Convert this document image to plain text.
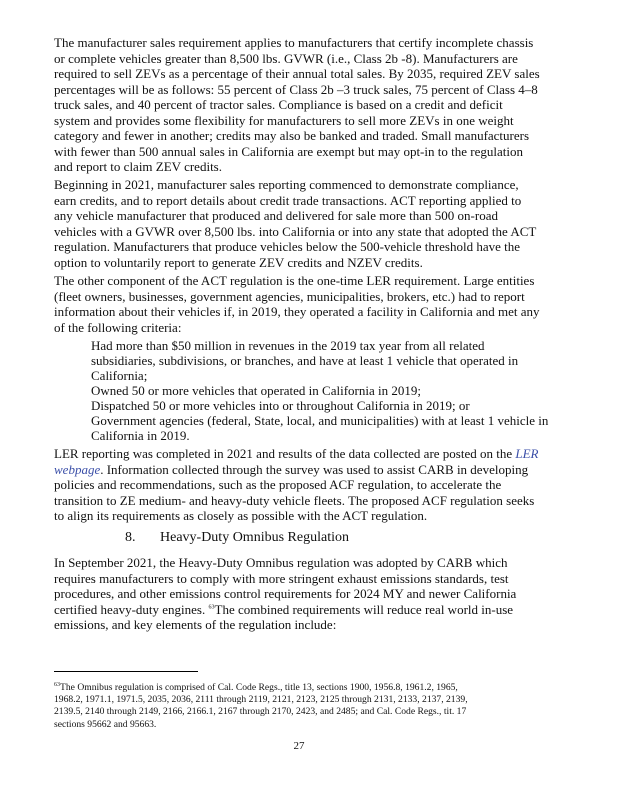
The manufacturer sales requirement applies to manufacturers that certify incomplete chassis
or complete vehicles greater than 8,500 lbs. GVWR (i.e., Class 2b -8). Manufacturers are
required to sell ZEVs as a percentage of their annual total sales. By 2035, required ZEV sales
percentages will be as follows: 55 percent of Class 2b –3 truck sales, 75 percent of Class 4–8
truck sales, and 40 percent of tractor sales. Compliance is based on a credit and deficit
system and provides some flexibility for manufacturers to sell more ZEVs in one weight
category and fewer in another; credits may also be banked and traded. Small manufacturers
with fewer than 500 annual sales in California are exempt but may opt-in to the regulation
and report to claim ZEV credits.
Beginning in 2021, manufacturer sales reporting commenced to demonstrate compliance,
earn credits, and to report details about credit trade transactions. ACT reporting applied to
any vehicle manufacturer that produced and delivered for sale more than 500 on-road
vehicles with a GVWR over 8,500 lbs. into California or into any state that adopted the ACT
regulation. Manufacturers that produce vehicles below the 500-vehicle threshold have the
option to voluntarily report to generate ZEV credits and NZEV credits.
The other component of the ACT regulation is the one-time LER requirement. Large entities
(fleet owners, businesses, government agencies, municipalities, brokers, etc.) had to report
information about their vehicles if, in 2019, they operated a facility in California and met any
of the following criteria:
Had more than $50 million in revenues in the 2019 tax year from all related
subsidiaries, subdivisions, or branches, and have at least 1 vehicle that operated in
California;
Owned 50 or more vehicles that operated in California in 2019;
Dispatched 50 or more vehicles into or throughout California in 2019; or
Government agencies (federal, State, local, and municipalities) with at least 1 vehicle in
California in 2019.
LER reporting was completed in 2021 and results of the data collected are posted on the LER
webpage. Information collected through the survey was used to assist CARB in developing
policies and recommendations, such as the proposed ACF regulation, to accelerate the
transition to ZE medium- and heavy-duty vehicle fleets. The proposed ACF regulation seeks
to align its requirements as closely as possible with the ACT regulation.
8. Heavy-Duty Omnibus Regulation
In September 2021, the Heavy-Duty Omnibus regulation was adopted by CARB which
requires manufacturers to comply with more stringent exhaust emissions standards, test
procedures, and other emissions control requirements for 2024 MY and newer California
certified heavy-duty engines. $^{63}$The combined requirements will reduce real world in-use
emissions, and key elements of the regulation include:
$^{63}$The Omnibus regulation is comprised of Cal. Code Regs., title 13, sections 1900, 1956.8, 1961.2, 1965,
1968.2, 1971.1, 1971.5, 2035, 2036, 2111 through 2119, 2121, 2123, 2125 through 2131, 2133, 2137, 2139,
2139.5, 2140 through 2149, 2166, 2166.1, 2167 through 2170, 2423, and 2485; and Cal. Code Regs., tit. 17
sections 95662 and 95663.
27
